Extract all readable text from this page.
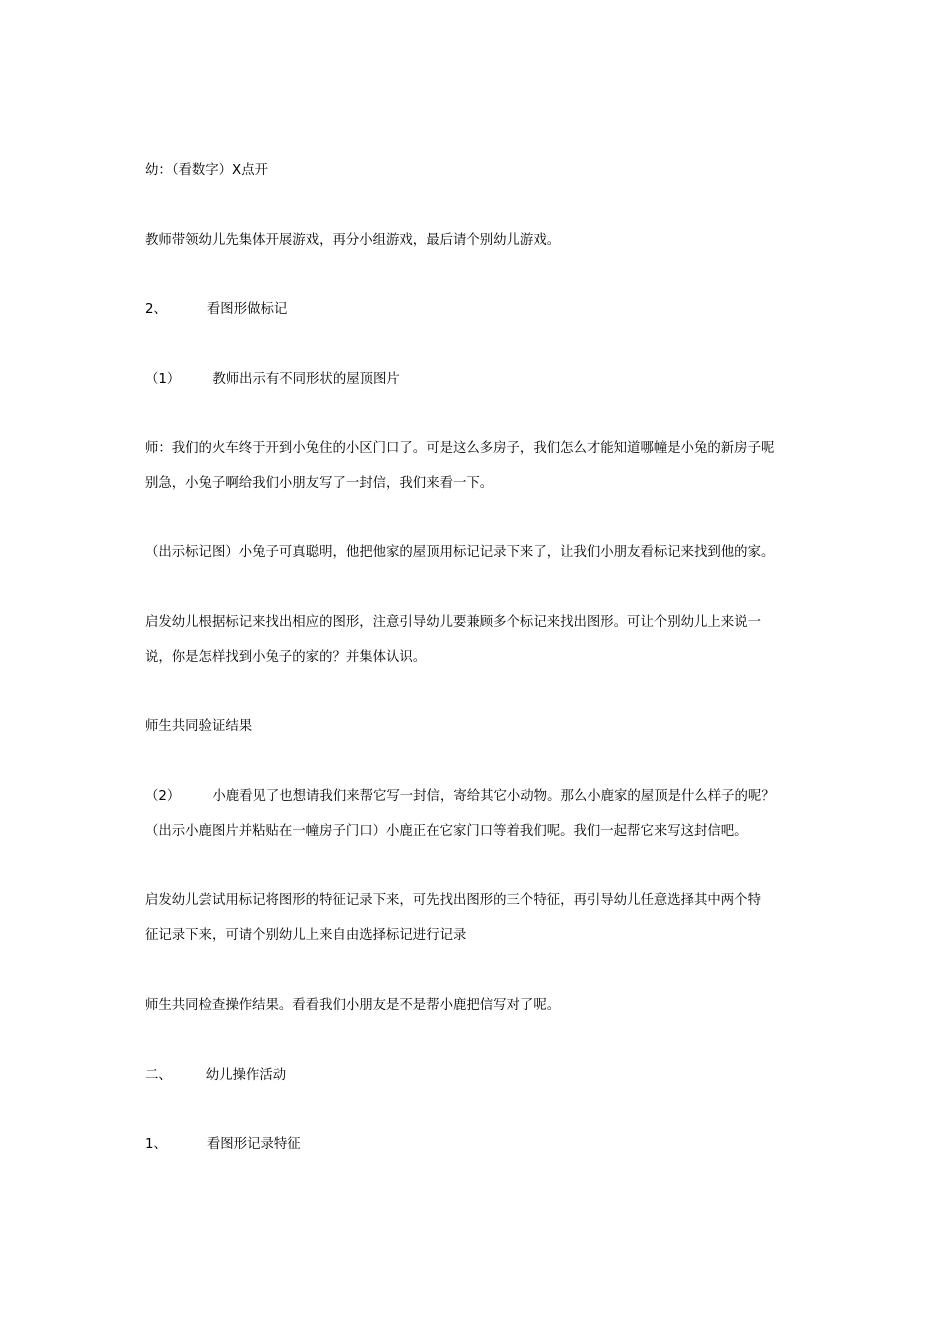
幼：（看数字）X点开
教师带领幼儿先集体开展游戏，再分小组游戏，最后请个别幼儿游戏。
2、	看图形做标记
（1） 教师出示有不同形状的屋顶图片
师：我们的火车终于开到小兔住的小区门口了。可是这么多房子，我们怎么才能知道哪幢是小兔的新房子呢
别急，小兔子啊给我们小朋友写了一封信，我们来看一下。
（出示标记图）小兔子可真聪明，他把他家的屋顶用标记记录下来了，让我们小朋友看标记来找到他的家。
启发幼儿根据标记来找出相应的图形，注意引导幼儿要兼顾多个标记来找出图形。可让个别幼儿上来说一
说，你是怎样找到小兔子的家的？并集体认识。
师生共同验证结果
（2） 小鹿看见了也想请我们来帮它写一封信，寄给其它小动物。那么小鹿家的屋顶是什么样子的呢？
（出示小鹿图片并粘贴在一幢房子门口）小鹿正在它家门口等着我们呢。我们一起帮它来写这封信吧。
启发幼儿尝试用标记将图形的特征记录下来，可先找出图形的三个特征，再引导幼儿任意选择其中两个特
征记录下来，可请个别幼儿上来自由选择标记进行记录
师生共同检查操作结果。看看我们小朋友是不是帮小鹿把信写对了呢。
二、	幼儿操作活动
1、	看图形记录特征
